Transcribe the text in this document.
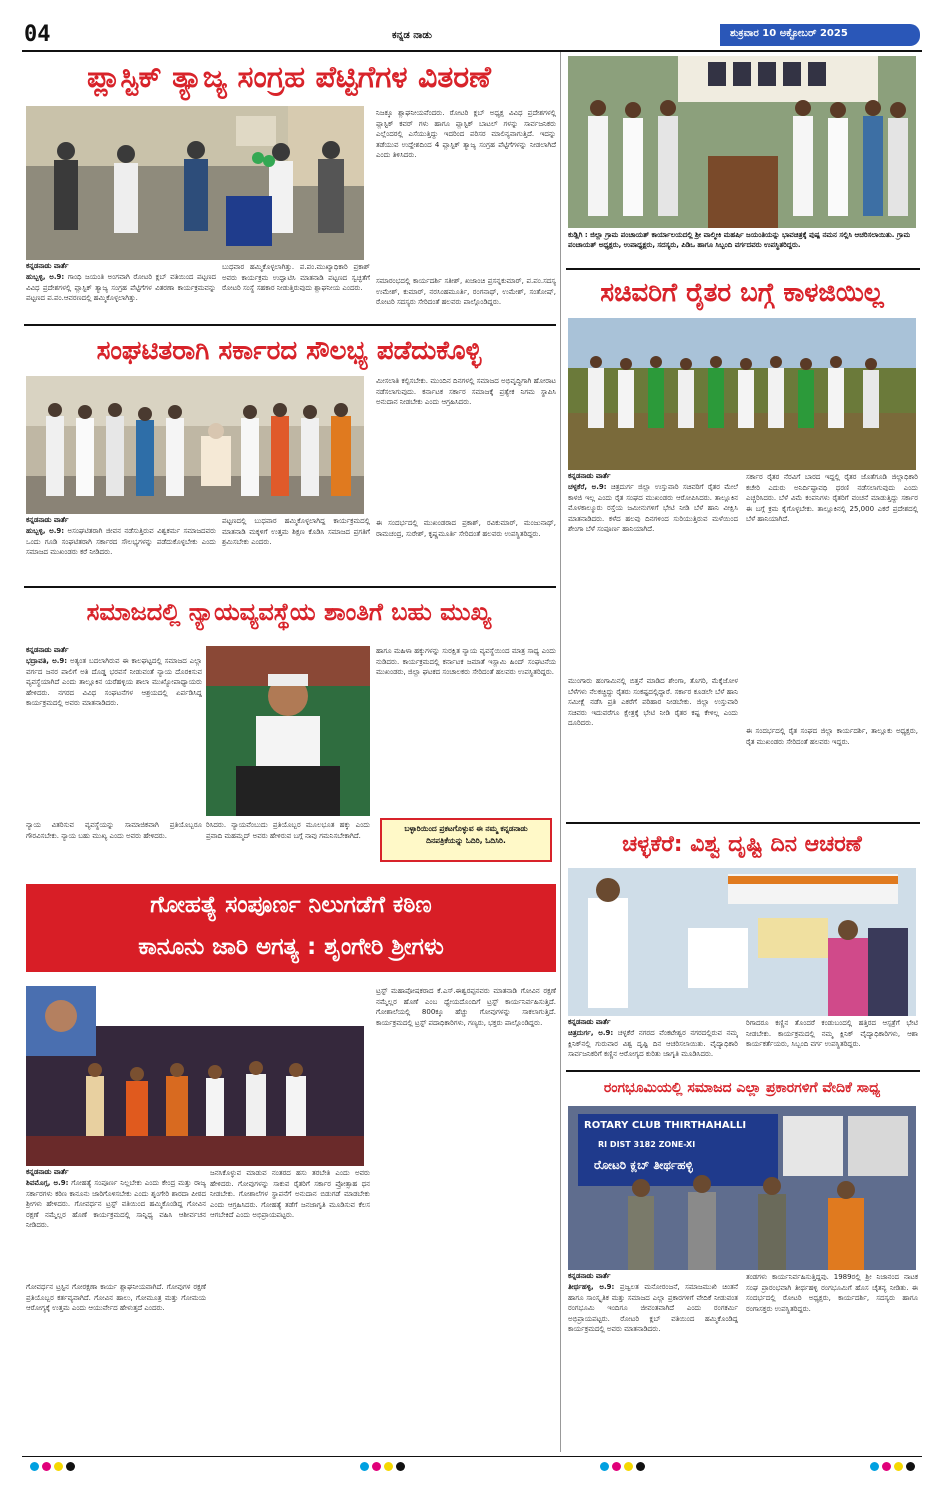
04	ಕನ್ನಡ ನಾಡು	ಶುಕ್ರವಾರ 10 ಅಕ್ಟೋಬರ್ 2025
ಪ್ಲಾಸ್ಟಿಕ್ ತ್ಯಾಜ್ಯ ಸಂಗ್ರಹ ಪೆಟ್ಟಿಗೆಗಳ ವಿತರಣೆ
ಕನ್ನಡನಾಡು ವಾರ್ತೆ
ಹುಬ್ಬಳ್ಳಿ, ಅ.9: ಗಾಂಧಿ ಜಯಂತಿ ಅಂಗವಾಗಿ ರೋಟರಿ ಕ್ಲಬ್ ವತಿಯಿಂದ ಪಟ್ಟಣದ ವಿವಿಧ ಪ್ರದೇಶಗಳಲ್ಲಿ ಪ್ಲಾಸ್ಟಿಕ್ ತ್ಯಾಜ್ಯ ಸಂಗ್ರಹ ಪೆಟ್ಟಿಗೆಗಳ ವಿತರಣಾ ಕಾರ್ಯಕ್ರಮವನ್ನು ಪಟ್ಟಣದ ಪ.ಪಂ.ಆವರಣದಲ್ಲಿ ಹಮ್ಮಿಕೊಳ್ಳಲಾಗಿತ್ತು.
ಬುಧವಾರ ಹಮ್ಮಿಕೊಳ್ಳಲಾಗಿತ್ತು. ಪ.ಪಂ.ಮುಖ್ಯಾಧಿಕಾರಿ ಪ್ರಕಾಶ್ ಅವರು ಕಾರ್ಯಕ್ರಮ ಉದ್ಘಾಟಿಸಿ ಮಾತನಾಡಿ ಪಟ್ಟಣದ ಸ್ವಚ್ಛತೆಗೆ ರೋಟರಿ ಸಂಸ್ಥೆ ಸಹಕಾರ ನೀಡುತ್ತಿರುವುದು ಶ್ಲಾಘನೀಯ ಎಂದರು.
ನಿಜಕ್ಕೂ ಶ್ಲಾಘನೀಯವೆಂದರು. ರೋಟರಿ ಕ್ಲಬ್ ಅಧ್ಯಕ್ಷ ವಿವಿಧ ಪ್ರದೇಶಗಳಲ್ಲಿ ಪ್ಲಾಸ್ಟಿಕ್ ಕವರ್ ಗಳು ಹಾಗೂ ಪ್ಲಾಸ್ಟಿಕ್ ಬಾಟಲ್ ಗಳನ್ನು ಸಾರ್ವಜನಿಕರು ಎಲ್ಲೆಂದರಲ್ಲಿ ಎಸೆಯುತ್ತಿದ್ದು ಇದರಿಂದ ಪರಿಸರ ಮಾಲಿನ್ಯವಾಗುತ್ತಿದೆ. ಇದನ್ನು ತಡೆಯುವ ಉದ್ದೇಶದಿಂದ 4 ಪ್ಲಾಸ್ಟಿಕ್ ತ್ಯಾಜ್ಯ ಸಂಗ್ರಹ ಪೆಟ್ಟಿಗೆಗಳನ್ನು ನೀಡಲಾಗಿದೆ ಎಂದು ತಿಳಿಸಿದರು.
ಸಮಾರಂಭದಲ್ಲಿ ಕಾರ್ಯದರ್ಶಿ ಸತೀಶ್, ಖಜಾಂಚಿ ಪ್ರಸನ್ನಕುಮಾರ್, ಪ.ಪಂ.ಸದಸ್ಯ ಉಮೇಶ್, ಕುಮಾರ್, ನರಸಿಂಹಮೂರ್ತಿ, ರಂಗನಾಥ್, ಉಮೇಶ್, ಸಂತೋಷ್, ರೋಟರಿ ಸದಸ್ಯರು ಸೇರಿದಂತೆ ಹಲವರು ಪಾಲ್ಗೊಂಡಿದ್ದರು.
ಸಂಘಟಿತರಾಗಿ ಸರ್ಕಾರದ ಸೌಲಭ್ಯ ಪಡೆದುಕೊಳ್ಳಿ
ಕನ್ನಡನಾಡು ವಾರ್ತೆ
ಹುಬ್ಬಳ್ಳಿ, ಅ.9: ಅಸಂಘಟಿತರಾಗಿ ಜೀವನ ನಡೆಸುತ್ತಿರುವ ವಿಶ್ವಕರ್ಮ ಸಮಾಜದವರು ಒಂದು ಗೂಡಿ ಸಂಘಟಿತರಾಗಿ ಸರ್ಕಾರದ ಸೌಲಭ್ಯಗಳನ್ನು ಪಡೆದುಕೊಳ್ಳಬೇಕು ಎಂದು ಸಮಾಜದ ಮುಖಂಡರು ಕರೆ ನೀಡಿದರು.
ಪಟ್ಟಣದಲ್ಲಿ ಬುಧವಾರ ಹಮ್ಮಿಕೊಳ್ಳಲಾಗಿದ್ದ ಕಾರ್ಯಕ್ರಮದಲ್ಲಿ ಮಾತನಾಡಿ ಮಕ್ಕಳಿಗೆ ಉತ್ತಮ ಶಿಕ್ಷಣ ಕೊಡಿಸಿ ಸಮಾಜದ ಪ್ರಗತಿಗೆ ಶ್ರಮಿಸಬೇಕು ಎಂದರು.
ಮೀಸಲಾತಿ ಕಲ್ಪಿಸಬೇಕು. ಮುಂದಿನ ದಿನಗಳಲ್ಲಿ ಸಮಾಜದ ಅಭಿವೃದ್ಧಿಗಾಗಿ ಹೋರಾಟ ನಡೆಸಲಾಗುವುದು. ಕರ್ನಾಟಕ ಸರ್ಕಾರ ಸಮಾಜಕ್ಕೆ ಪ್ರತ್ಯೇಕ ನಿಗಮ ಸ್ಥಾಪಿಸಿ ಅನುದಾನ ನೀಡಬೇಕು ಎಂದು ಆಗ್ರಹಿಸಿದರು.
ಈ ಸಂದರ್ಭದಲ್ಲಿ ಮುಖಂಡರಾದ ಪ್ರಕಾಶ್, ರವಿಕುಮಾರ್, ಮಂಜುನಾಥ್, ರಾಮಚಂದ್ರ, ಸುರೇಶ್, ಕೃಷ್ಣಮೂರ್ತಿ ಸೇರಿದಂತೆ ಹಲವರು ಉಪಸ್ಥಿತರಿದ್ದರು.
ಸಮಾಜದಲ್ಲಿ ನ್ಯಾಯವ್ಯವಸ್ಥೆಯ ಶಾಂತಿಗೆ ಬಹು ಮುಖ್ಯ
ಕನ್ನಡನಾಡು ವಾರ್ತೆ
ಭದ್ರಾವತಿ, ಅ.9: ಅತ್ಯಂತ ಬದಲಾಗಿರುವ ಈ ಕಾಲಘಟ್ಟದಲ್ಲಿ ಸಮಾಜದ ಎಲ್ಲಾ ವರ್ಗದ ಜನರ ಪಾಲಿಗೆ ಅತಿ ದೊಡ್ಡ ಭರವಸೆ ನೀಡುವಂತೆ ನ್ಯಾಯ ದೊರಕಿಸುವ ವ್ಯವಸ್ಥೆಯಾಗಿದೆ ಎಂದು ತಾಲ್ಲೂಕಿನ ಯರೆಹಳ್ಳಿಯ ಶಾಲಾ ಮುಖ್ಯೋಪಾಧ್ಯಾಯರು ಹೇಳಿದರು. ನಗರದ ವಿವಿಧ ಸಂಘಟನೆಗಳ ಆಶ್ರಯದಲ್ಲಿ ಏರ್ಪಡಿಸಿದ್ದ ಕಾರ್ಯಕ್ರಮದಲ್ಲಿ ಅವರು ಮಾತನಾಡಿದರು.
ನ್ಯಾಯ ವಿತರಿಸುವ ವ್ಯವಸ್ಥೆಯನ್ನು ಸಾಮಾಜಿಕವಾಗಿ ಪ್ರತಿಯೊಬ್ಬರೂ ಗೌರವಿಸಬೇಕು. ನ್ಯಾಯ ಬಹು ಮುಖ್ಯ ಎಂದು ಅವರು ಹೇಳಿದರು.
ರಿಸಿದರು. ನ್ಯಾಯವೆಂಬುದು ಪ್ರತಿಯೊಬ್ಬರ ಮೂಲಭೂತ ಹಕ್ಕು ಎಂದು ಪ್ರವಾದಿ ಮಹಮ್ಮದ್ ಅವರು ಹೇಳಿರುವ ಬಗ್ಗೆ ನಾವು ಗಮನಿಸಬೇಕಾಗಿದೆ.
ಹಾಗೂ ಮಹಿಳಾ ಹಕ್ಕುಗಳನ್ನು ಸುರಕ್ಷಿತ ನ್ಯಾಯ ವ್ಯವಸ್ಥೆಯಿಂದ ಮಾತ್ರ ಸಾಧ್ಯ ಎಂದು ನುಡಿದರು. ಕಾರ್ಯಕ್ರಮದಲ್ಲಿ ಕರ್ನಾಟಕ ಜಮಾತೆ ಇಸ್ಲಾಮಿ ಹಿಂದ್ ಸಂಘಟನೆಯ ಮುಖಂಡರು, ಜಿಲ್ಲಾ ಘಟಕದ ಸಂಚಾಲಕರು ಸೇರಿದಂತೆ ಹಲವರು ಉಪಸ್ಥಿತರಿದ್ದರು.
ಬಳ್ಳಾರಿಯಿಂದ ಪ್ರಕಟಗೊಳ್ಳುವ ಈ ನಮ್ಮ ಕನ್ನಡನಾಡು ದಿನಪತ್ರಿಕೆಯನ್ನು ಓದಿರಿ, ಓದಿಸಿರಿ.
ಗೋಹತ್ಯೆ ಸಂಪೂರ್ಣ ನಿಲುಗಡೆಗೆ ಕಠಿಣ
ಕಾನೂನು ಜಾರಿ ಅಗತ್ಯ : ಶೃಂಗೇರಿ ಶ್ರೀಗಳು
ಕನ್ನಡನಾಡು ವಾರ್ತೆ
ಶಿವಮೊಗ್ಗ, ಅ.9: ಗೋಹತ್ಯೆ ಸಂಪೂರ್ಣ ನಿಲ್ಲಬೇಕು ಎಂದು ಕೇಂದ್ರ ಮತ್ತು ರಾಜ್ಯ ಸರ್ಕಾರಗಳು ಕಠಿಣ ಕಾನೂನು ಜಾರಿಗೊಳಿಸಬೇಕು ಎಂದು ಶೃಂಗೇರಿ ಶಾರದಾ ಪೀಠದ ಶ್ರೀಗಳು ಹೇಳಿದರು. ಗೋವರ್ಧನ ಟ್ರಸ್ಟ್ ವತಿಯಿಂದ ಹಮ್ಮಿಕೊಂಡಿದ್ದ ಗೋವಿನ ರಕ್ಷಣೆ ನಮ್ಮೆಲ್ಲರ ಹೊಣೆ ಕಾರ್ಯಕ್ರಮದಲ್ಲಿ ಸಾನ್ನಿಧ್ಯ ವಹಿಸಿ ಆಶೀರ್ವಚನ ನೀಡಿದರು.
ಗೋವರ್ಧನ ಟ್ರಸ್ಟಿನ ಗೋರಕ್ಷಣಾ ಕಾರ್ಯ ಶ್ಲಾಘನೀಯವಾಗಿದೆ. ಗೋವುಗಳ ರಕ್ಷಣೆ ಪ್ರತಿಯೊಬ್ಬರ ಕರ್ತವ್ಯವಾಗಿದೆ. ಗೋವಿನ ಹಾಲು, ಗೋಮೂತ್ರ ಮತ್ತು ಗೋಮಯ ಆರೋಗ್ಯಕ್ಕೆ ಉತ್ತಮ ಎಂದು ಆಯುರ್ವೇದ ಹೇಳುತ್ತದೆ ಎಂದರು.
ಜನಸಿಕೊಳ್ಳುವ ಮಾಡುವ ನಂತರದ ಹಸು ತರಬೇತಿ ಎಂದು ಅವರು ಹೇಳಿದರು. ಗೋವುಗಳನ್ನು ಸಾಕುವ ರೈತರಿಗೆ ಸರ್ಕಾರ ಪ್ರೋತ್ಸಾಹ ಧನ ನೀಡಬೇಕು. ಗೋಶಾಲೆಗಳ ಸ್ಥಾಪನೆಗೆ ಅನುದಾನ ಬಿಡುಗಡೆ ಮಾಡಬೇಕು ಎಂದು ಆಗ್ರಹಿಸಿದರು. ಗೋಹತ್ಯೆ ತಡೆಗೆ ಜನಜಾಗೃತಿ ಮೂಡಿಸುವ ಕೆಲಸ ಆಗಬೇಕಿದೆ ಎಂದು ಅಭಿಪ್ರಾಯಪಟ್ಟರು.
ಟ್ರಸ್ಟ್ ಮಹಾಪೋಷಕರಾದ ಕೆ.ಎಸ್.ಈಶ್ವರಪ್ಪನವರು ಮಾತನಾಡಿ ಗೋವಿನ ರಕ್ಷಣೆ ನಮ್ಮೆಲ್ಲರ ಹೊಣೆ ಎಂಬ ಧ್ಯೇಯದೊಂದಿಗೆ ಟ್ರಸ್ಟ್ ಕಾರ್ಯನಿರ್ವಹಿಸುತ್ತಿದೆ. ಗೋಶಾಲೆಯಲ್ಲಿ 800ಕ್ಕೂ ಹೆಚ್ಚು ಗೋವುಗಳನ್ನು ಸಾಕಲಾಗುತ್ತಿದೆ. ಕಾರ್ಯಕ್ರಮದಲ್ಲಿ ಟ್ರಸ್ಟ್ ಪದಾಧಿಕಾರಿಗಳು, ಗಣ್ಯರು, ಭಕ್ತರು ಪಾಲ್ಗೊಂಡಿದ್ದರು.
ಕುಡ್ಲಿಗಿ : ಜಿಲ್ಲಾ ಗ್ರಾಮ ಪಂಚಾಯತ್ ಕಾರ್ಯಾಲಯದಲ್ಲಿ ಶ್ರೀ ವಾಲ್ಮೀಕಿ ಮಹರ್ಷಿ ಜಯಂತಿಯನ್ನು ಭಾವಚಿತ್ರಕ್ಕೆ ಪುಷ್ಪ ನಮನ ಸಲ್ಲಿಸಿ ಆಚರಿಸಲಾಯಿತು. ಗ್ರಾಮ ಪಂಚಾಯತ್ ಅಧ್ಯಕ್ಷರು, ಉಪಾಧ್ಯಕ್ಷರು, ಸದಸ್ಯರು, ಪಿಡಿಒ ಹಾಗೂ ಸಿಬ್ಬಂದಿ ವರ್ಗದವರು ಉಪಸ್ಥಿತರಿದ್ದರು.
ಸಚಿವರಿಗೆ ರೈತರ ಬಗ್ಗೆ ಕಾಳಜಿಯಿಲ್ಲ
ಕನ್ನಡನಾಡು ವಾರ್ತೆ
ಚಳ್ಳಕೆರೆ, ಅ.9: ಚಿತ್ರದುರ್ಗ ಜಿಲ್ಲಾ ಉಸ್ತುವಾರಿ ಸಚಿವರಿಗೆ ರೈತರ ಮೇಲೆ ಕಾಳಜಿ ಇಲ್ಲ ಎಂದು ರೈತ ಸಂಘದ ಮುಖಂಡರು ಆರೋಪಿಸಿದರು. ತಾಲ್ಲೂಕಿನ ಮೊಳಕಾಲ್ಮೂರು ರಸ್ತೆಯ ಜಮೀನುಗಳಿಗೆ ಭೇಟಿ ನೀಡಿ ಬೆಳೆ ಹಾನಿ ವೀಕ್ಷಿಸಿ ಮಾತನಾಡಿದರು. ಕಳೆದ ಹಲವು ದಿನಗಳಿಂದ ಸುರಿಯುತ್ತಿರುವ ಮಳೆಯಿಂದ ಶೇಂಗಾ ಬೆಳೆ ಸಂಪೂರ್ಣ ಹಾನಿಯಾಗಿದೆ.
ಮುಂಗಾರು ಹಂಗಾಮಿನಲ್ಲಿ ಬಿತ್ತನೆ ಮಾಡಿದ ಶೇಂಗಾ, ತೊಗರಿ, ಮೆಕ್ಕೆಜೋಳ ಬೆಳೆಗಳು ನೆಲಕಚ್ಚಿದ್ದು ರೈತರು ಸಂಕಷ್ಟದಲ್ಲಿದ್ದಾರೆ. ಸರ್ಕಾರ ಕೂಡಲೇ ಬೆಳೆ ಹಾನಿ ಸಮೀಕ್ಷೆ ನಡೆಸಿ ಪ್ರತಿ ಎಕರೆಗೆ ಪರಿಹಾರ ನೀಡಬೇಕು. ಜಿಲ್ಲಾ ಉಸ್ತುವಾರಿ ಸಚಿವರು ಇದುವರೆಗೂ ಕ್ಷೇತ್ರಕ್ಕೆ ಭೇಟಿ ನೀಡಿ ರೈತರ ಕಷ್ಟ ಕೇಳಿಲ್ಲ ಎಂದು ದೂರಿದರು.
ಸರ್ಕಾರ ರೈತರ ನೆರವಿಗೆ ಬಾರದ ಇದ್ದಲ್ಲಿ ರೈತರ ಜೊತೆಗೂಡಿ ಜಿಲ್ಲಾಧಿಕಾರಿ ಕಚೇರಿ ಎದುರು ಅನಿರ್ದಿಷ್ಟಾವಧಿ ಧರಣಿ ನಡೆಸಲಾಗುವುದು ಎಂದು ಎಚ್ಚರಿಸಿದರು. ಬೆಳೆ ವಿಮೆ ಕಂಪನಿಗಳು ರೈತರಿಗೆ ವಂಚನೆ ಮಾಡುತ್ತಿದ್ದು ಸರ್ಕಾರ ಈ ಬಗ್ಗೆ ಕ್ರಮ ಕೈಗೊಳ್ಳಬೇಕು. ತಾಲ್ಲೂಕಿನಲ್ಲಿ 25,000 ಎಕರೆ ಪ್ರದೇಶದಲ್ಲಿ ಬೆಳೆ ಹಾನಿಯಾಗಿದೆ.
ಈ ಸಂದರ್ಭದಲ್ಲಿ ರೈತ ಸಂಘದ ಜಿಲ್ಲಾ ಕಾರ್ಯದರ್ಶಿ, ತಾಲ್ಲೂಕು ಅಧ್ಯಕ್ಷರು, ರೈತ ಮುಖಂಡರು ಸೇರಿದಂತೆ ಹಲವರು ಇದ್ದರು.
ಚಳ್ಳಕೆರೆ: ವಿಶ್ವ ದೃಷ್ಟಿ ದಿನ ಆಚರಣೆ
ಕನ್ನಡನಾಡು ವಾರ್ತೆ
ಚಿತ್ರದುರ್ಗ, ಅ.9: ಚಳ್ಳಕೆರೆ ನಗರದ ವೆಂಕಟೇಶ್ವರ ನಗರದಲ್ಲಿರುವ ನಮ್ಮ ಕ್ಲಿನಿಕ್‌ನಲ್ಲಿ ಗುರುವಾರ ವಿಶ್ವ ದೃಷ್ಟಿ ದಿನ ಆಚರಿಸಲಾಯಿತು. ವೈದ್ಯಾಧಿಕಾರಿ ಸಾರ್ವಜನಿಕರಿಗೆ ಕಣ್ಣಿನ ಆರೋಗ್ಯದ ಕುರಿತು ಜಾಗೃತಿ ಮೂಡಿಸಿದರು.
ರಿಗಾದರೂ ಕಣ್ಣಿನ ತೊಂದರೆ ಕಂಡುಬಂದಲ್ಲಿ ಹತ್ತಿರದ ಆಸ್ಪತ್ರೆಗೆ ಭೇಟಿ ನೀಡಬೇಕು. ಕಾರ್ಯಕ್ರಮದಲ್ಲಿ ನಮ್ಮ ಕ್ಲಿನಿಕ್ ವೈದ್ಯಾಧಿಕಾರಿಗಳು, ಆಶಾ ಕಾರ್ಯಕರ್ತೆಯರು, ಸಿಬ್ಬಂದಿ ವರ್ಗ ಉಪಸ್ಥಿತರಿದ್ದರು.
ರಂಗಭೂಮಿಯಲ್ಲಿ ಸಮಾಜದ ಎಲ್ಲಾ ಪ್ರಕಾರಗಳಿಗೆ ವೇದಿಕೆ ಸಾಧ್ಯ
ROTARY CLUB THIRTHAHALLI
RI DIST 3182 ZONE-XI
ರೋಟರಿ ಕ್ಲಬ್ ತೀರ್ಥಹಳ್ಳಿ
ಕನ್ನಡನಾಡು ವಾರ್ತೆ
ತೀರ್ಥಹಳ್ಳಿ, ಅ.9: ಪ್ರಜ್ವಲತ ಮನೋರಂಜನೆ, ಸಮಾಜಮುಖಿ ಚಿಂತನೆ ಹಾಗೂ ಸಾಂಸ್ಕೃತಿಕ ಮತ್ತು ಸಮಾಜದ ಎಲ್ಲಾ ಪ್ರಕಾರಗಳಿಗೆ ವೇದಿಕೆ ನೀಡುವಂತ ರಂಗಭೂಮಿ ಇಂದಿಗೂ ಜೀವಂತವಾಗಿದೆ ಎಂದು ರಂಗಕರ್ಮಿ ಅಭಿಪ್ರಾಯಪಟ್ಟರು. ರೋಟರಿ ಕ್ಲಬ್ ವತಿಯಿಂದ ಹಮ್ಮಿಕೊಂಡಿದ್ದ ಕಾರ್ಯಕ್ರಮದಲ್ಲಿ ಅವರು ಮಾತನಾಡಿದರು.
ತಂಡಗಳು ಕಾರ್ಯನಿರ್ವಹಿಸುತ್ತಿದ್ದವು. 1989ರಲ್ಲಿ ಶ್ರೀ ನಿಜಾನಂದ ನಾಟಕ ಸಂಘ ಪ್ರಾರಂಭವಾಗಿ ತೀರ್ಥಹಳ್ಳಿ ರಂಗಭೂಮಿಗೆ ಹೊಸ ಚೈತನ್ಯ ನೀಡಿತು. ಈ ಸಂದರ್ಭದಲ್ಲಿ ರೋಟರಿ ಅಧ್ಯಕ್ಷರು, ಕಾರ್ಯದರ್ಶಿ, ಸದಸ್ಯರು ಹಾಗೂ ರಂಗಾಸಕ್ತರು ಉಪಸ್ಥಿತರಿದ್ದರು.
